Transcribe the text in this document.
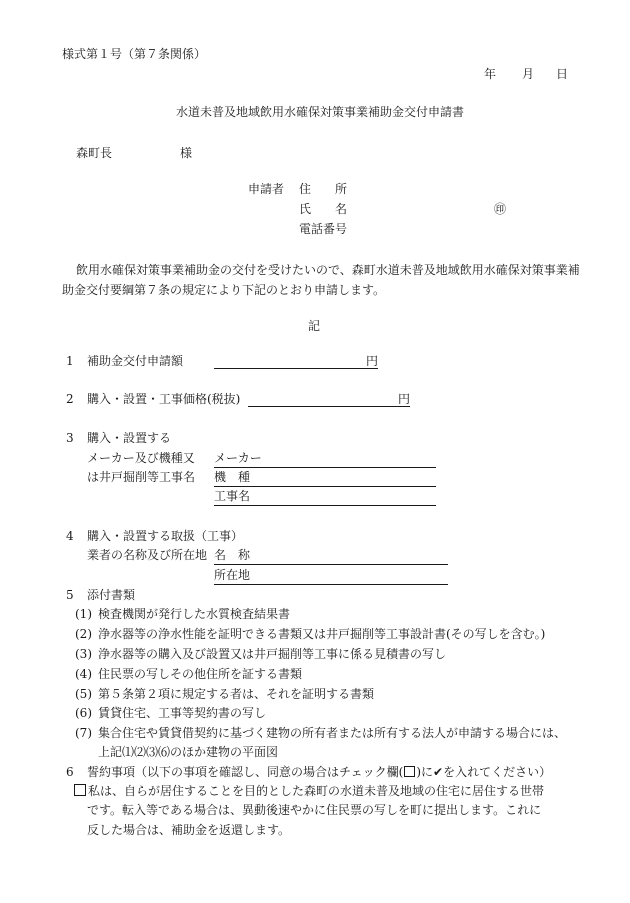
様式第１号（第７条関係）
年 月 日
水道未普及地域飲用水確保対策事業補助金交付申請書
森町長	様
申請者 住　　所
氏　　名	㊞
電話番号
飲用水確保対策事業補助金の交付を受けたいので、森町水道未普及地域飲用水確保対策事業補
助金交付要綱第７条の規定により下記のとおり申請します。
記
1 補助金交付申請額	円
2 購入・設置・工事価格(税抜)	円
3 購入・設置する
メーカー及び機種又
は井戸掘削等工事名
メーカー
機　種
工事名
4 購入・設置する取扱（工事）
業者の名称及び所在地 名　称
所在地
5 添付書類
(1) 検査機関が発行した水質検査結果書
(2) 浄水器等の浄水性能を証明できる書類又は井戸掘削等工事設計書(その写しを含む。)
(3) 浄水器等の購入及び設置又は井戸掘削等工事に係る見積書の写し
(4) 住民票の写しその他住所を証する書類
(5) 第５条第２項に規定する者は、それを証明する書類
(6) 賃貸住宅、工事等契約書の写し
(7) 集合住宅や賃貸借契約に基づく建物の所有者または所有する法人が申請する場合には、
上記⑴⑵⑶⑹のほか建物の平面図
6 誓約事項（以下の事項を確認し、同意の場合はチェック欄( )に✔を入れてください）
私は、自らが居住することを目的とした森町の水道未普及地域の住宅に居住する世帯
です。転入等である場合は、異動後速やかに住民票の写しを町に提出します。これに
反した場合は、補助金を返還します。
